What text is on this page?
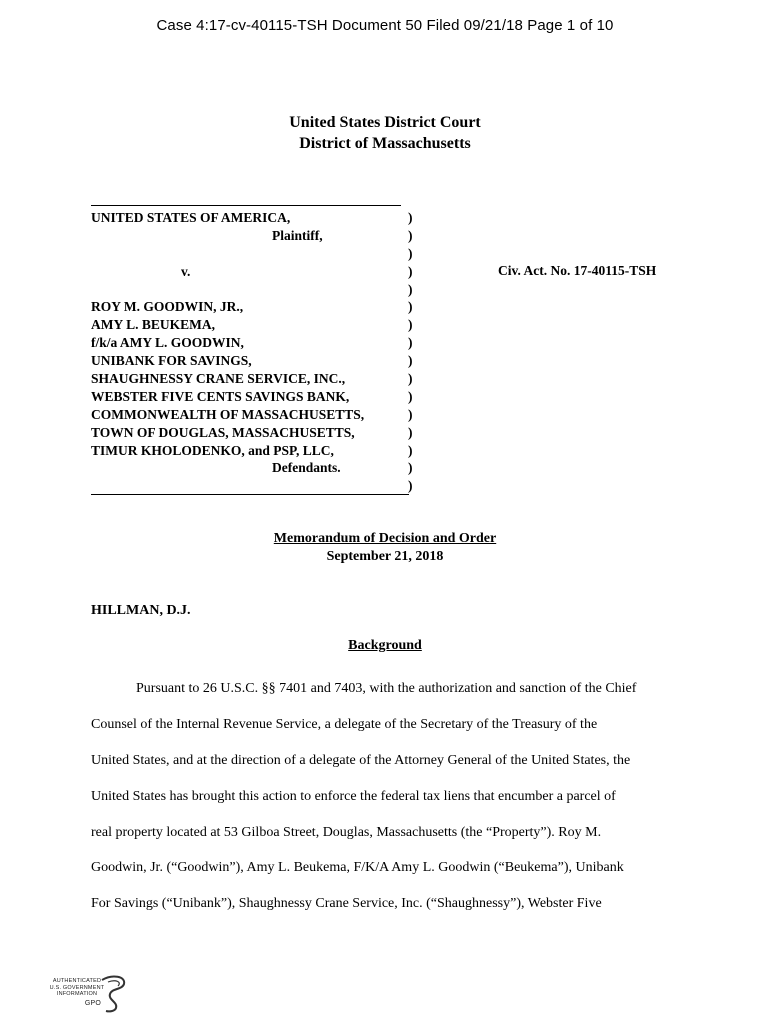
Case 4:17-cv-40115-TSH Document 50 Filed 09/21/18 Page 1 of 10
United States District Court
District of Massachusetts
UNITED STATES OF AMERICA,
Plaintiff,
v.
ROY M. GOODWIN, JR.,
AMY L. BEUKEMA,
f/k/a AMY L. GOODWIN,
UNIBANK FOR SAVINGS,
SHAUGHNESSY CRANE SERVICE, INC.,
WEBSTER FIVE CENTS SAVINGS BANK,
COMMONWEALTH OF MASSACHUSETTS,
TOWN OF DOUGLAS, MASSACHUSETTS,
TIMUR KHOLODENKO, and PSP, LLC,
Defendants.
)
)
)
)
)
)
)
)
)
)
)
)
)
)
)
)
Civ. Act. No. 17-40115-TSH
Memorandum of Decision and Order
September 21, 2018
HILLMAN, D.J.
Background
Pursuant to 26 U.S.C. §§ 7401 and 7403, with the authorization and sanction of the Chief
Counsel of the Internal Revenue Service, a delegate of the Secretary of the Treasury of the
United States, and at the direction of a delegate of the Attorney General of the United States, the
United States has brought this action to enforce the federal tax liens that encumber a parcel of
real property located at 53 Gilboa Street, Douglas, Massachusetts (the “Property”). Roy M.
Goodwin, Jr. (“Goodwin”), Amy L. Beukema, F/K/A Amy L. Goodwin (“Beukema”), Unibank
For Savings (“Unibank”), Shaughnessy Crane Service, Inc. (“Shaughnessy”), Webster Five
AUTHENTICATED
U.S. GOVERNMENT
INFORMATION
GPO
